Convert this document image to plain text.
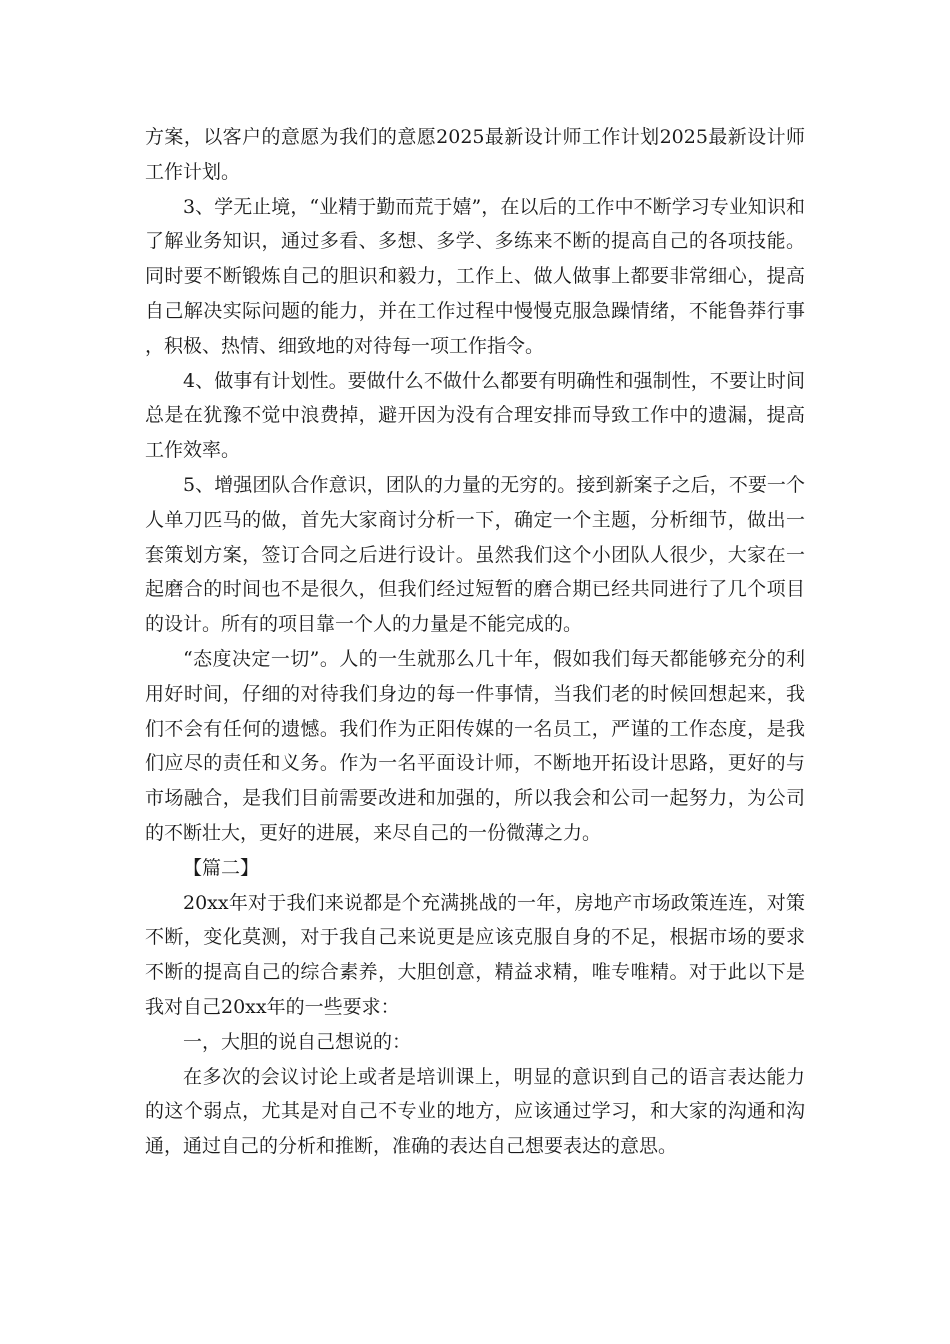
方案，以客户的意愿为我们的意愿2025最新设计师工作计划2025最新设计师工作计划。

3、学无止境，“业精于勤而荒于嬉”，在以后的工作中不断学习专业知识和了解业务知识，通过多看、多想、多学、多练来不断的提高自己的各项技能。同时要不断锻炼自己的胆识和毅力，工作上、做人做事上都要非常细心，提高自己解决实际问题的能力，并在工作过程中慢慢克服急躁情绪，不能鲁莽行事，积极、热情、细致地的对待每一项工作指令。

4、做事有计划性。要做什么不做什么都要有明确性和强制性，不要让时间总是在犹豫不觉中浪费掉，避开因为没有合理安排而导致工作中的遗漏，提高工作效率。

5、增强团队合作意识，团队的力量的无穷的。接到新案子之后，不要一个人单刀匹马的做，首先大家商讨分析一下，确定一个主题，分析细节，做出一套策划方案，签订合同之后进行设计。虽然我们这个小团队人很少，大家在一起磨合的时间也不是很久，但我们经过短暂的磨合期已经共同进行了几个项目的设计。所有的项目靠一个人的力量是不能完成的。

“态度决定一切”。人的一生就那么几十年，假如我们每天都能够充分的利用好时间，仔细的对待我们身边的每一件事情，当我们老的时候回想起来，我们不会有任何的遗憾。我们作为正阳传媒的一名员工，严谨的工作态度，是我们应尽的责任和义务。作为一名平面设计师，不断地开拓设计思路，更好的与市场融合，是我们目前需要改进和加强的，所以我会和公司一起努力，为公司的不断壮大，更好的进展，来尽自己的一份微薄之力。

【篇二】

20xx年对于我们来说都是个充满挑战的一年，房地产市场政策连连，对策不断，变化莫测，对于我自己来说更是应该克服自身的不足，根据市场的要求不断的提高自己的综合素养，大胆创意，精益求精，唯专唯精。对于此以下是我对自己20xx年的一些要求：

一，大胆的说自己想说的：

在多次的会议讨论上或者是培训课上，明显的意识到自己的语言表达能力的这个弱点，尤其是对自己不专业的地方，应该通过学习，和大家的沟通和沟通，通过自己的分析和推断，准确的表达自己想要表达的意思。
